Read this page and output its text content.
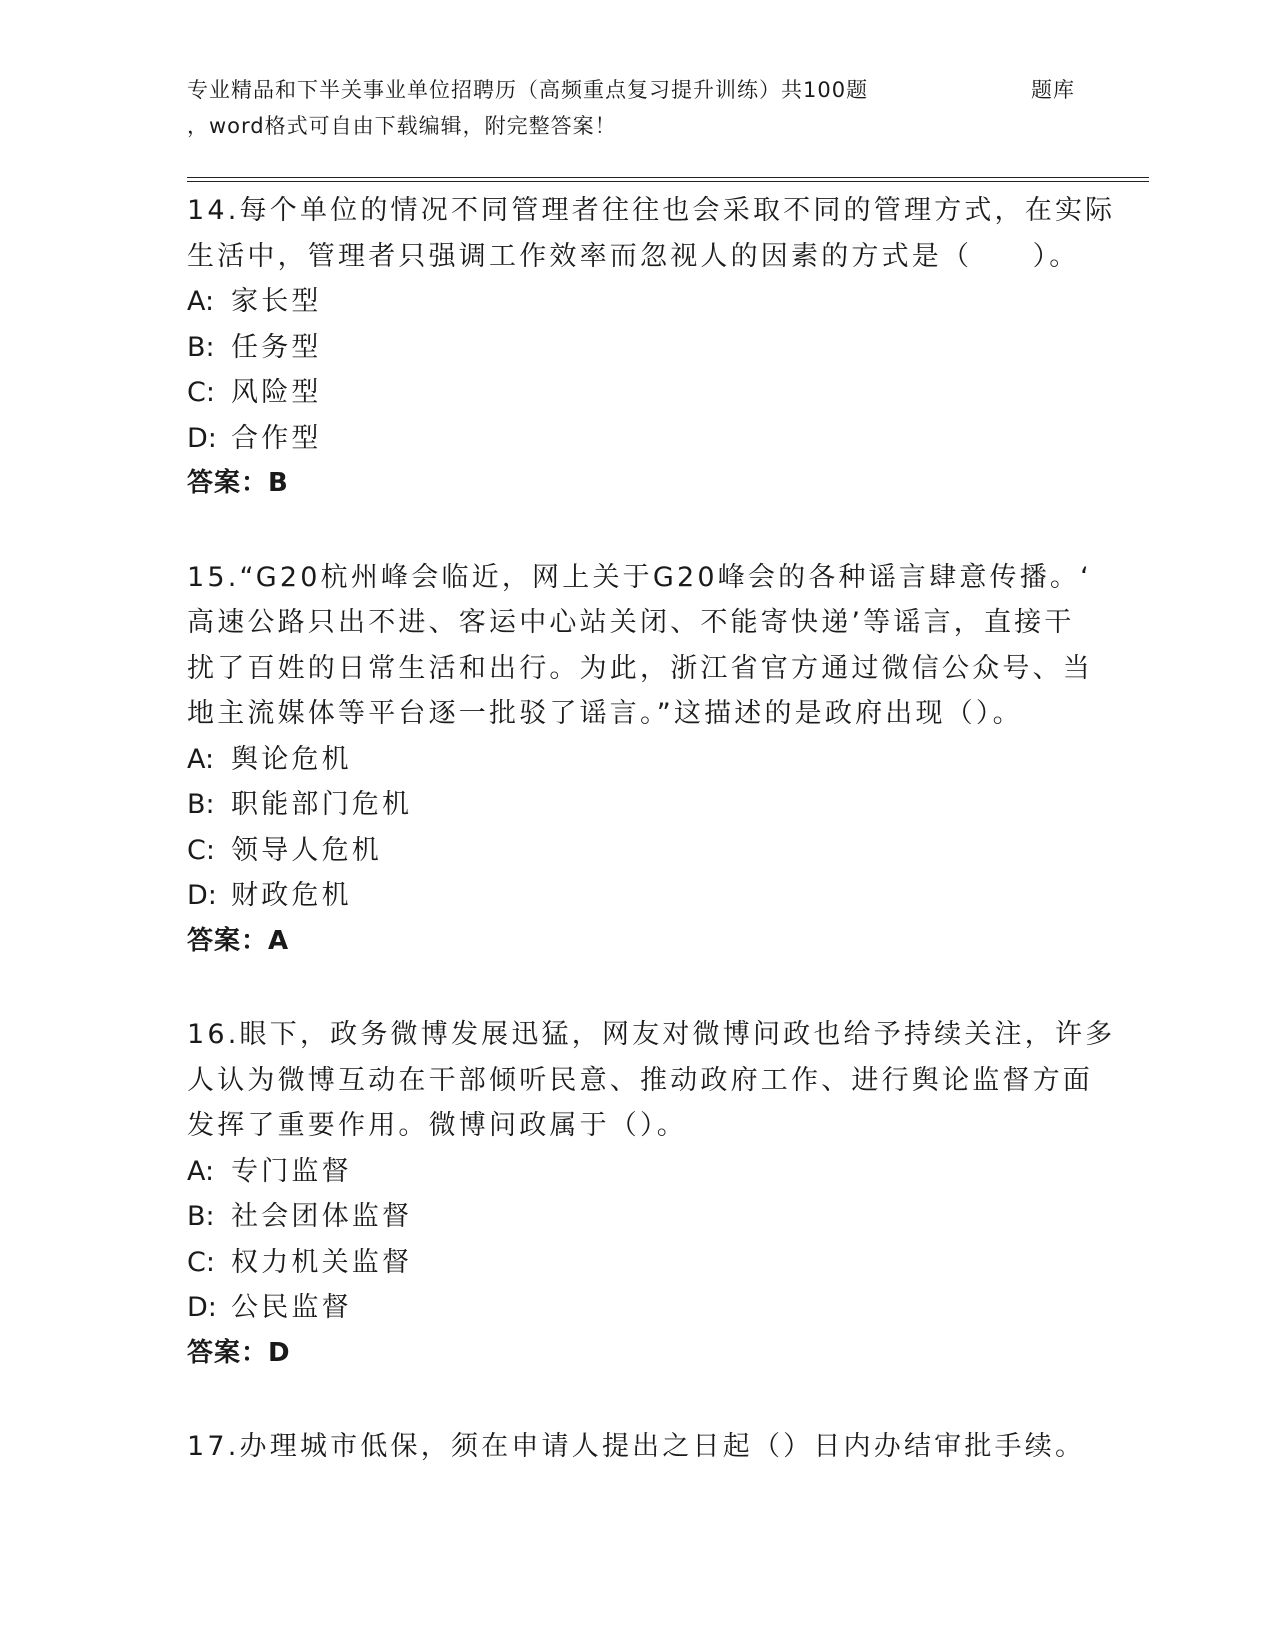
专业精品和下半关事业单位招聘历（高频重点复习提升训练）共100题	题库
，word格式可自由下载编辑，附完整答案！

14.每个单位的情况不同管理者往往也会采取不同的管理方式，在实际

生活中，管理者只强调工作效率而忽视人的因素的方式是（　　）。

A: 家长型

B: 任务型

C: 风险型

D: 合作型

答案：B

15.“G20杭州峰会临近，网上关于G20峰会的各种谣言肆意传播。‘

高速公路只出不进、客运中心站关闭、不能寄快递’等谣言，直接干

扰了百姓的日常生活和出行。为此，浙江省官方通过微信公众号、当

地主流媒体等平台逐一批驳了谣言。”这描述的是政府出现（）。

A: 舆论危机

B: 职能部门危机

C: 领导人危机

D: 财政危机

答案：A

16.眼下，政务微博发展迅猛，网友对微博问政也给予持续关注，许多

人认为微博互动在干部倾听民意、推动政府工作、进行舆论监督方面

发挥了重要作用。微博问政属于（）。

A: 专门监督

B: 社会团体监督

C: 权力机关监督

D: 公民监督

答案：D

17.办理城市低保，须在申请人提出之日起（）日内办结审批手续。
